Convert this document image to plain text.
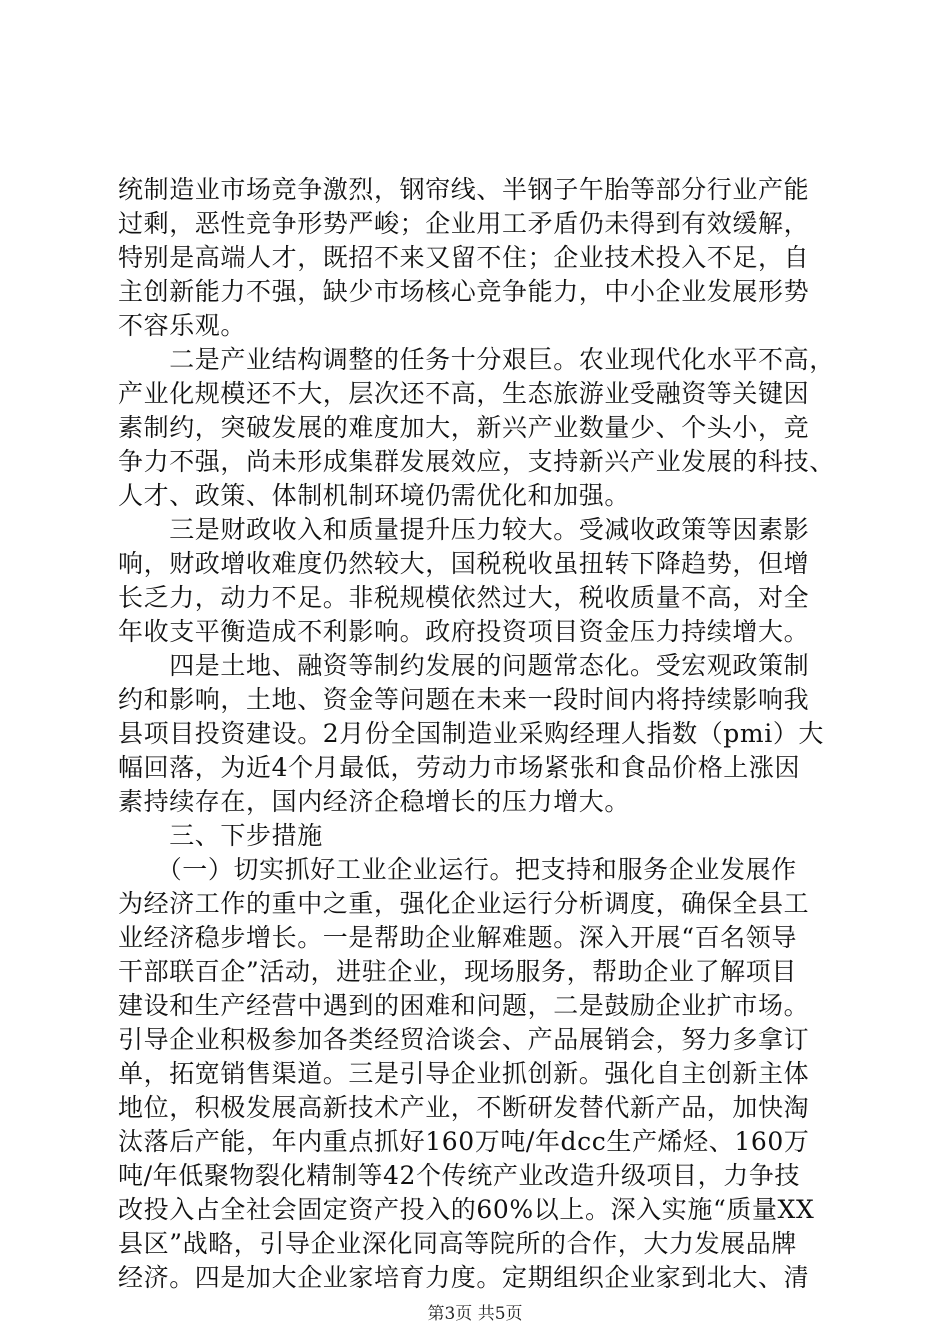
统制造业市场竞争激烈，钢帘线、半钢子午胎等部分行业产能
过剩，恶性竞争形势严峻；企业用工矛盾仍未得到有效缓解，
特别是高端人才，既招不来又留不住；企业技术投入不足，自
主创新能力不强，缺少市场核心竞争能力，中小企业发展形势
不容乐观。
　　二是产业结构调整的任务十分艰巨。农业现代化水平不高，
产业化规模还不大，层次还不高，生态旅游业受融资等关键因
素制约，突破发展的难度加大，新兴产业数量少、个头小，竞
争力不强，尚未形成集群发展效应，支持新兴产业发展的科技、
人才、政策、体制机制环境仍需优化和加强。
　　三是财政收入和质量提升压力较大。受减收政策等因素影
响，财政增收难度仍然较大，国税税收虽扭转下降趋势，但增
长乏力，动力不足。非税规模依然过大，税收质量不高，对全
年收支平衡造成不利影响。政府投资项目资金压力持续增大。
　　四是土地、融资等制约发展的问题常态化。受宏观政策制
约和影响，土地、资金等问题在未来一段时间内将持续影响我
县项目投资建设。2月份全国制造业采购经理人指数（pmi）大
幅回落，为近4个月最低，劳动力市场紧张和食品价格上涨因
素持续存在，国内经济企稳增长的压力增大。
　　三、下步措施
　　（一）切实抓好工业企业运行。把支持和服务企业发展作
为经济工作的重中之重，强化企业运行分析调度，确保全县工
业经济稳步增长。一是帮助企业解难题。深入开展“百名领导
干部联百企”活动，进驻企业，现场服务，帮助企业了解项目
建设和生产经营中遇到的困难和问题，二是鼓励企业扩市场。
引导企业积极参加各类经贸洽谈会、产品展销会，努力多拿订
单，拓宽销售渠道。三是引导企业抓创新。强化自主创新主体
地位，积极发展高新技术产业，不断研发替代新产品，加快淘
汰落后产能，年内重点抓好160万吨/年dcc生产烯烃、160万
吨/年低聚物裂化精制等42个传统产业改造升级项目，力争技
改投入占全社会固定资产投入的60%以上。深入实施“质量XX
县区”战略，引导企业深化同高等院所的合作，大力发展品牌
经济。四是加大企业家培育力度。定期组织企业家到北大、清
第3页 共5页
